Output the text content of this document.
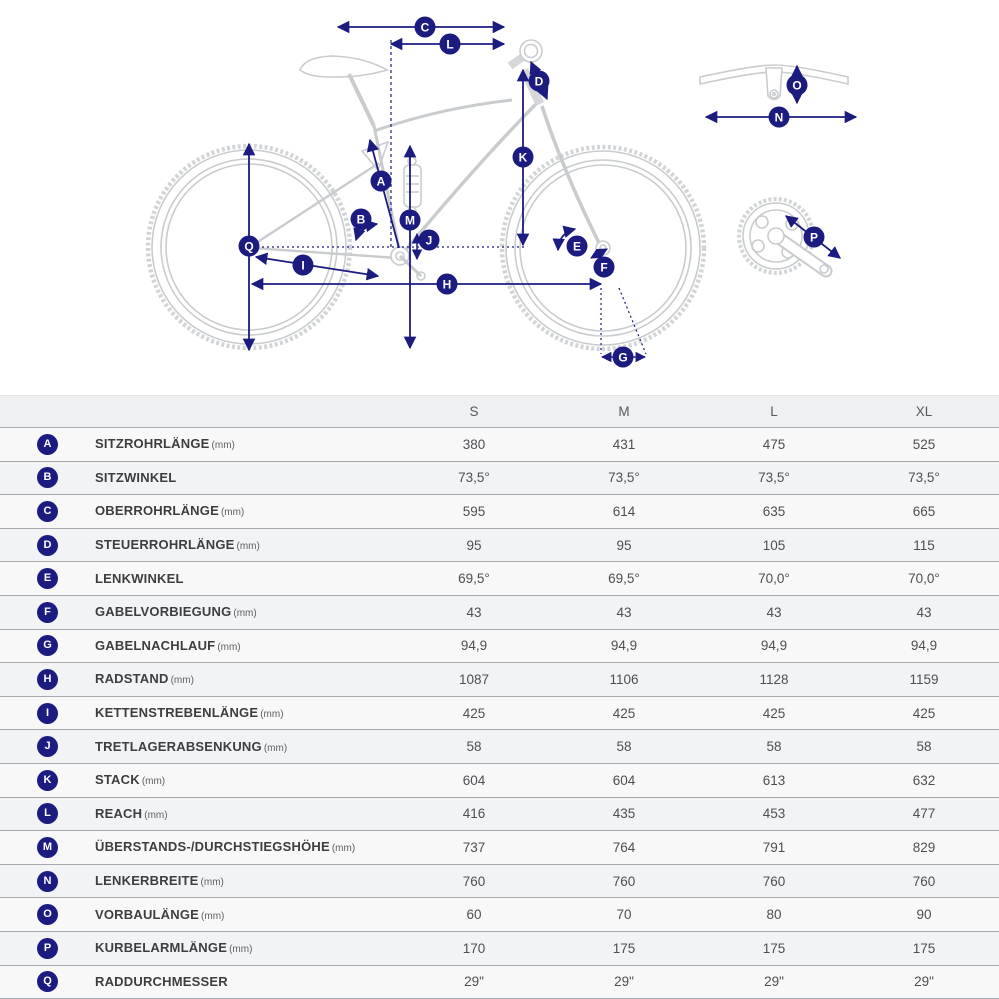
C
L
D
K
A
B	M
J	E
F
Q
I
H
G
O
N
P
		S	M	L	XL
A	SITZROHRLÄNGE (mm)	380	431	475	525
B	SITZWINKEL	73,5°	73,5°	73,5°	73,5°
C	OBERROHRLÄNGE (mm)	595	614	635	665
D	STEUERROHRLÄNGE (mm)	95	95	105	115
E	LENKWINKEL	69,5°	69,5°	70,0°	70,0°
F	GABELVORBIEGUNG (mm)	43	43	43	43
G	GABELNACHLAUF (mm)	94,9	94,9	94,9	94,9
H	RADSTAND (mm)	1087	1106	1128	1159
I	KETTENSTREBENLÄNGE (mm)	425	425	425	425
J	TRETLAGERABSENKUNG (mm)	58	58	58	58
K	STACK (mm)	604	604	613	632
L	REACH (mm)	416	435	453	477
M	ÜBERSTANDS-/DURCHSTIEGSHÖHE (mm)	737	764	791	829
N	LENKERBREITE (mm)	760	760	760	760
O	VORBAULÄNGE (mm)	60	70	80	90
P	KURBELARMLÄNGE (mm)	170	175	175	175
Q	RADDURCHMESSER	29"	29"	29"	29"
